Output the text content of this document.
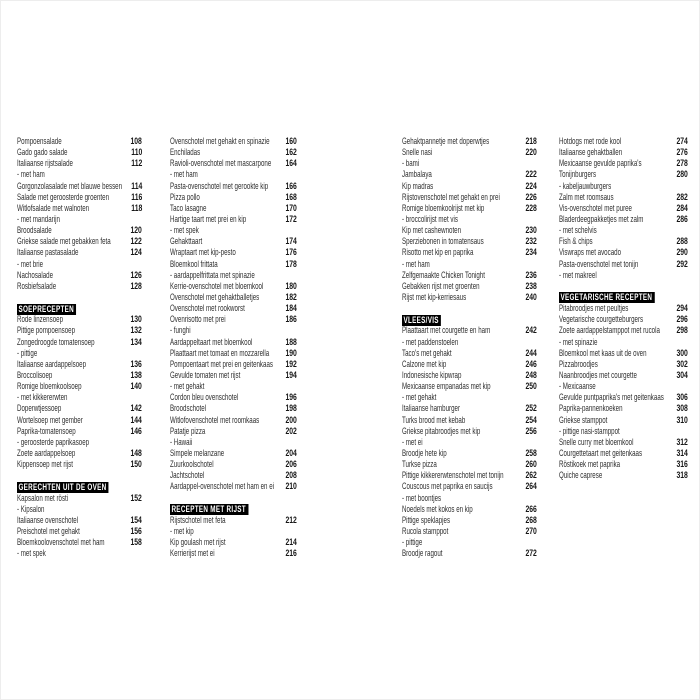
Pompoensalade	108
Gado gado salade	110
Italiaanse rijstsalade	112
- met ham
Gorgonzolasalade met blauwe bessen 114
Salade met geroosterde groenten 116
Witlofsalade met walnoten	118
- met mandarijn
Broodsalade	120
Griekse salade met gebakken feta 122
Italiaanse pastasalade	124
- met brie
Nachosalade	126
Rosbiefsalade	128
SOEPRECEPTEN
Rode linzensoep	130
Pittige pompoensoep	132
Zongedroogde tomatensoep	134
- pittige
Italiaanse aardappelsoep	136
Broccolisoep	138
Romige bloemkoolsoep	140
- met kikkererwten
Doperwtjessoep	142
Wortelsoep met gember	144
Paprika-tomatensoep	146
- geroosterde paprikasoep
Zoete aardappelsoep	148
Kippensoep met rijst	150
GERECHTEN UIT DE OVEN
Kapsalon met rösti	152
- Kipsalon
Italiaanse ovenschotel	154
Preischotel met gehakt	156
Bloemkoolovenschotel met ham	158
- met spek
Ovenschotel met gehakt en spinazie 160
Enchiladas	162
Ravioli-ovenschotel met mascarpone 164
- met ham
Pasta-ovenschotel met gerookte kip 166
Pizza pollo	168
Taco lasagne	170
Hartige taart met prei en kip	172
- met spek
Gehakttaart	174
Wraptaart met kip-pesto	176
Bloemkool frittata	178
- aardappelfrittata met spinazie
Kerrie-ovenschotel met bloemkool 180
Ovenschotel met gehaktballetjes	182
Ovenschotel met rookworst	184
Ovenrisotto met prei	186
- funghi
Aardappeltaart met bloemkool	188
Plaattaart met tomaat en mozzarella 190
Pompoentaart met prei en geitenkaas 192
Gevulde tomaten met rijst	194
- met gehakt
Cordon bleu ovenschotel	196
Broodschotel	198
Witlofovenschotel met roomkaas	200
Patatje pizza	202
- Hawaii
Simpele melanzane	204
Zuurkoolschotel	206
Jachtschotel	208
Aardappel-ovenschotel met ham en ei 210
RECEPTEN MET RIJST
Rijstschotel met feta	212
- met kip
Kip goulash met rijst	214
Kerrierijst met ei	216
Gehaktpannetje met doperwtjes	218
Snelle nasi	220
- bami
Jambalaya	222
Kip madras	224
Rijstovenschotel met gehakt en prei	226
Romige bloemkoolrijst met kip	228
- broccolirijst met vis
Kip met cashewnoten	230
Sperziebonen in tomatensaus	232
Risotto met kip en paprika	234
- met ham
Zelfgemaakte Chicken Tonight	236
Gebakken rijst met groenten	238
Rijst met kip-kerriesaus	240
VLEES/VIS
Plaattaart met courgette en ham	242
- met paddenstoelen
Taco's met gehakt	244
Calzone met kip	246
Indonesische kipwrap	248
Mexicaanse empanadas met kip	250
- met gehakt
Italiaanse hamburger	252
Turks brood met kebab	254
Griekse pitabroodjes met kip	256
- met ei
Broodje hete kip	258
Turkse pizza	260
Pittige kikkererwtenschotel met tonijn 262
Couscous met paprika en saucijs	264
- met boontjes
Noedels met kokos en kip	266
Pittige speklapjes	268
Rucola stamppot	270
- pittige
Broodje ragout	272
Hotdogs met rode kool	274
Italiaanse gehaktballen	276
Mexicaanse gevulde paprika's	278
Tonijnburgers	280
- kabeljauwburgers
Zalm met roomsaus	282
Vis-ovenschotel met puree	284
Bladerdeegpakketjes met zalm	286
- met schelvis
Fish & chips	288
Viswraps met avocado	290
Pasta-ovenschotel met tonijn	292
- met makreel
VEGETARISCHE RECEPTEN
Pitabroodjes met peultjes	294
Vegetarische courgetteburgers	296
Zoete aardappelstamppot met rucola 298
- met spinazie
Bloemkool met kaas uit de oven	300
Pizzabroodjes	302
Naanbroodjes met courgette	304
- Mexicaanse
Gevulde puntpaprika's met geitenkaas 306
Paprika-pannenkoeken	308
Griekse stamppot	310
- pittige nasi-stamppot
Snelle curry met bloemkool	312
Courgettetaart met geitenkaas	314
Röstikoek met paprika	316
Quiche caprese	318
